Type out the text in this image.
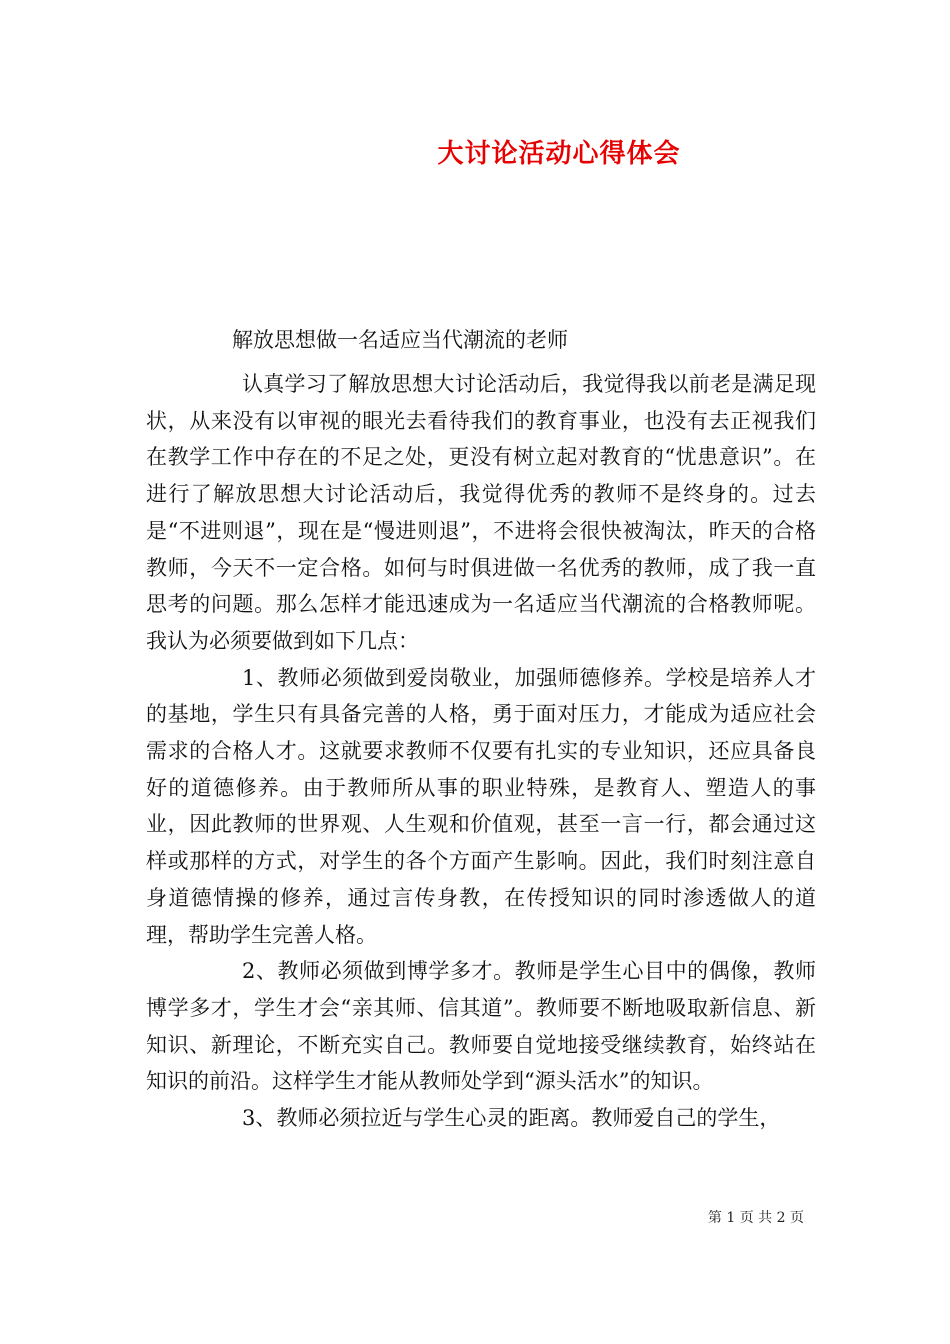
大讨论活动心得体会
解放思想做一名适应当代潮流的老师

认真学习了解放思想大讨论活动后，我觉得我以前老是满足现状，从来没有以审视的眼光去看待我们的教育事业，也没有去正视我们在教学工作中存在的不足之处，更没有树立起对教育的“忧患意识”。在进行了解放思想大讨论活动后，我觉得优秀的教师不是终身的。过去是“不进则退”，现在是“慢进则退”，不进将会很快被淘汰，昨天的合格教师，今天不一定合格。如何与时俱进做一名优秀的教师，成了我一直思考的问题。那么怎样才能迅速成为一名适应当代潮流的合格教师呢。我认为必须要做到如下几点：

1、教师必须做到爱岗敬业，加强师德修养。学校是培养人才的基地，学生只有具备完善的人格，勇于面对压力，才能成为适应社会需求的合格人才。这就要求教师不仅要有扎实的专业知识，还应具备良好的道德修养。由于教师所从事的职业特殊，是教育人、塑造人的事业，因此教师的世界观、人生观和价值观，甚至一言一行，都会通过这样或那样的方式，对学生的各个方面产生影响。因此，我们时刻注意自身道德情操的修养，通过言传身教，在传授知识的同时渗透做人的道理，帮助学生完善人格。

2、教师必须做到博学多才。教师是学生心目中的偶像，教师博学多才，学生才会“亲其师、信其道”。教师要不断地吸取新信息、新知识、新理论，不断充实自己。教师要自觉地接受继续教育，始终站在知识的前沿。这样学生才能从教师处学到“源头活水”的知识。

3、教师必须拉近与学生心灵的距离。教师爱自己的学生，

第 1 页 共 2 页
